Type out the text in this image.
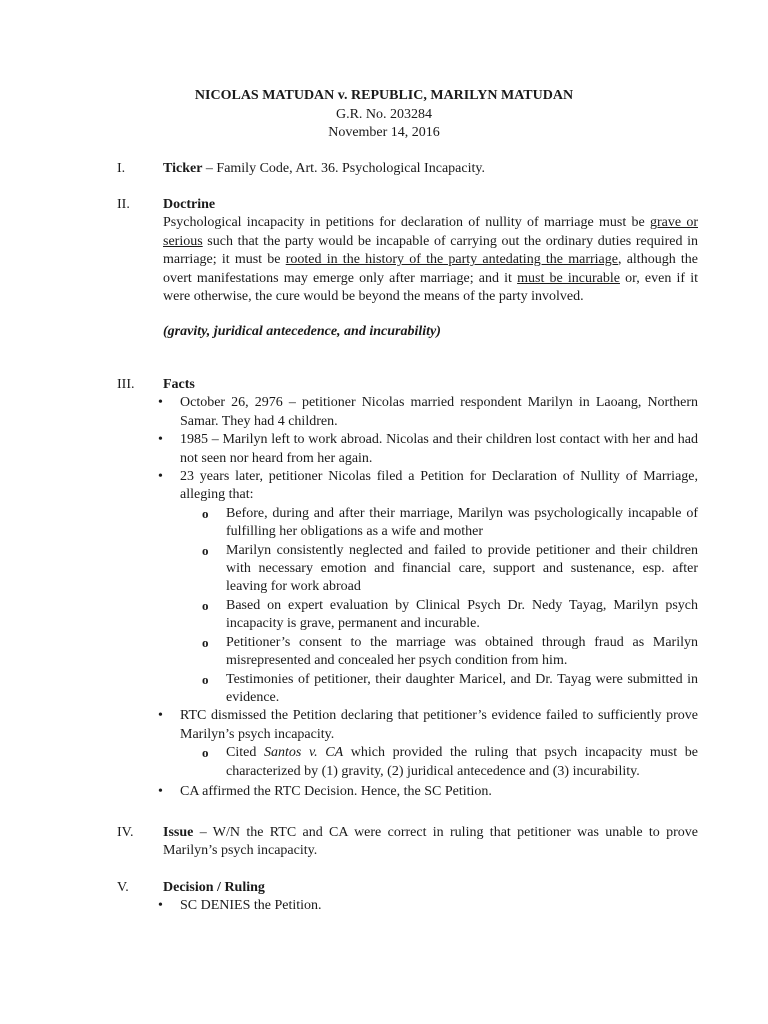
NICOLAS MATUDAN v. REPUBLIC, MARILYN MATUDAN
G.R. No. 203284
November 14, 2016
I.	Ticker – Family Code, Art. 36. Psychological Incapacity.
II. Doctrine
Psychological incapacity in petitions for declaration of nullity of marriage must be grave or serious such that the party would be incapable of carrying out the ordinary duties required in marriage; it must be rooted in the history of the party antedating the marriage, although the overt manifestations may emerge only after marriage; and it must be incurable or, even if it were otherwise, the cure would be beyond the means of the party involved.
(gravity, juridical antecedence, and incurability)
III. Facts
• October 26, 2976 – petitioner Nicolas married respondent Marilyn in Laoang, Northern Samar. They had 4 children.
• 1985 – Marilyn left to work abroad. Nicolas and their children lost contact with her and had not seen nor heard from her again.
• 23 years later, petitioner Nicolas filed a Petition for Declaration of Nullity of Marriage, alleging that:
o Before, during and after their marriage, Marilyn was psychologically incapable of fulfilling her obligations as a wife and mother
o Marilyn consistently neglected and failed to provide petitioner and their children with necessary emotion and financial care, support and sustenance, esp. after leaving for work abroad
o Based on expert evaluation by Clinical Psych Dr. Nedy Tayag, Marilyn psych incapacity is grave, permanent and incurable.
o Petitioner’s consent to the marriage was obtained through fraud as Marilyn misrepresented and concealed her psych condition from him.
o Testimonies of petitioner, their daughter Maricel, and Dr. Tayag were submitted in evidence.
• RTC dismissed the Petition declaring that petitioner’s evidence failed to sufficiently prove Marilyn’s psych incapacity.
o Cited Santos v. CA which provided the ruling that psych incapacity must be characterized by (1) gravity, (2) juridical antecedence and (3) incurability.
• CA affirmed the RTC Decision. Hence, the SC Petition.
IV. Issue – W/N the RTC and CA were correct in ruling that petitioner was unable to prove Marilyn’s psych incapacity.
V. Decision / Ruling
• SC DENIES the Petition.
